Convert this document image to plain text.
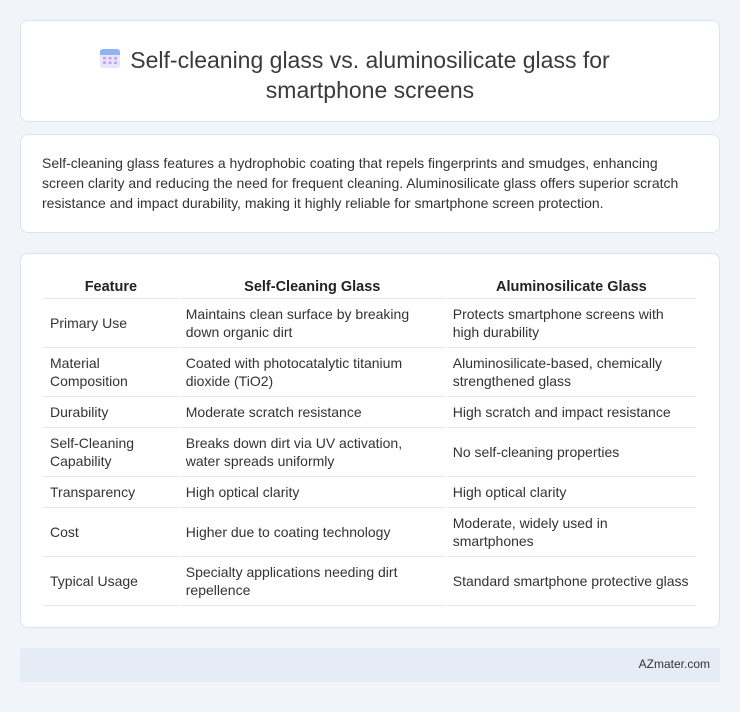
Self-cleaning glass vs. aluminosilicate glass for smartphone screens

Self-cleaning glass features a hydrophobic coating that repels fingerprints and smudges, enhancing screen clarity and reducing the need for frequent cleaning. Aluminosilicate glass offers superior scratch resistance and impact durability, making it highly reliable for smartphone screen protection.

Feature	Self-Cleaning Glass	Aluminosilicate Glass
Primary Use	Maintains clean surface by breaking down organic dirt	Protects smartphone screens with high durability
Material Composition	Coated with photocatalytic titanium dioxide (TiO2)	Aluminosilicate-based, chemically strengthened glass
Durability	Moderate scratch resistance	High scratch and impact resistance
Self-Cleaning Capability	Breaks down dirt via UV activation, water spreads uniformly	No self-cleaning properties
Transparency	High optical clarity	High optical clarity
Cost	Higher due to coating technology	Moderate, widely used in smartphones
Typical Usage	Specialty applications needing dirt repellence	Standard smartphone protective glass
AZmater.com
